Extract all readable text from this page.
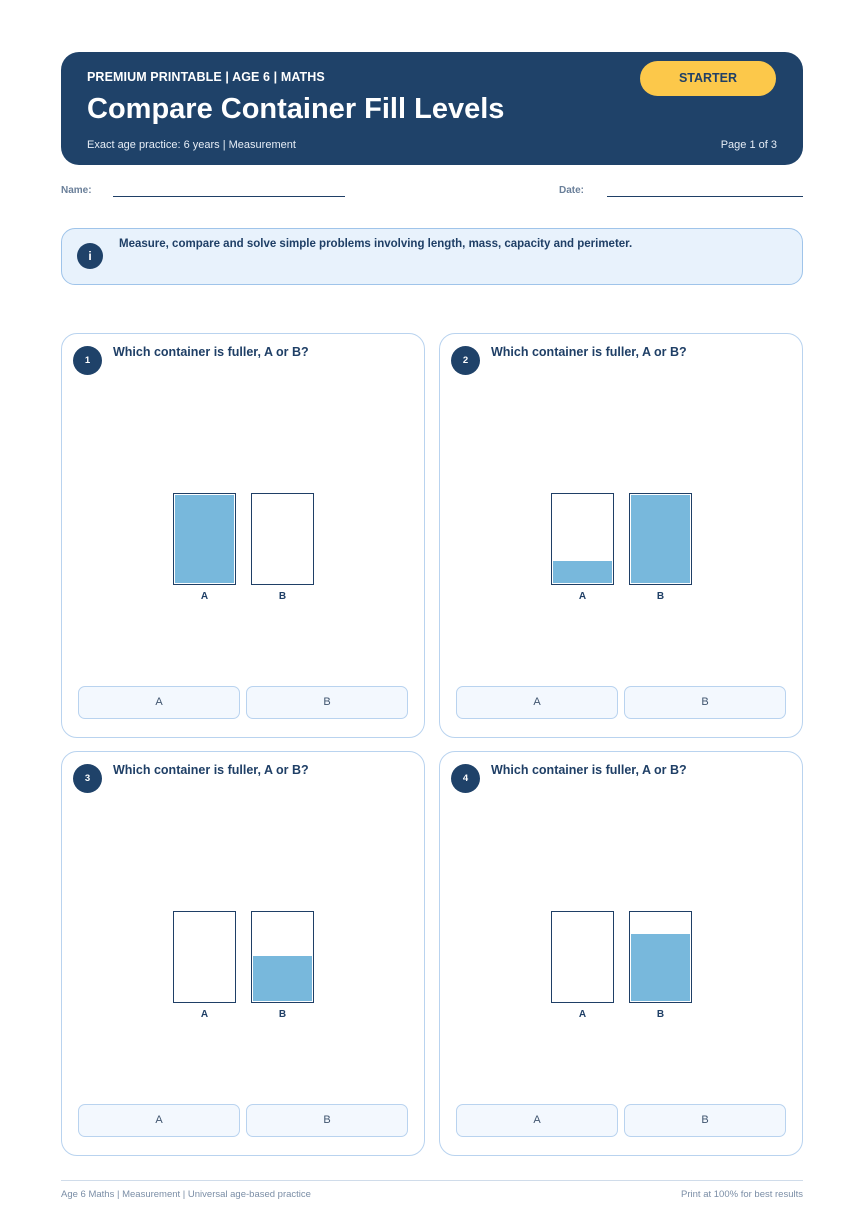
PREMIUM PRINTABLE | AGE 6 | MATHS
Compare Container Fill Levels
Exact age practice: 6 years | Measurement	Page 1 of 3
STARTER
Name:	Date:
i
Measure, compare and solve simple problems involving length, mass, capacity and perimeter.
1
Which container is fuller, A or B?
A	B
A	B
2
Which container is fuller, A or B?
A	B
A	B
3
Which container is fuller, A or B?
A	B
A	B
4
Which container is fuller, A or B?
A	B
A	B
Age 6 Maths | Measurement | Universal age-based practice	Print at 100% for best results
